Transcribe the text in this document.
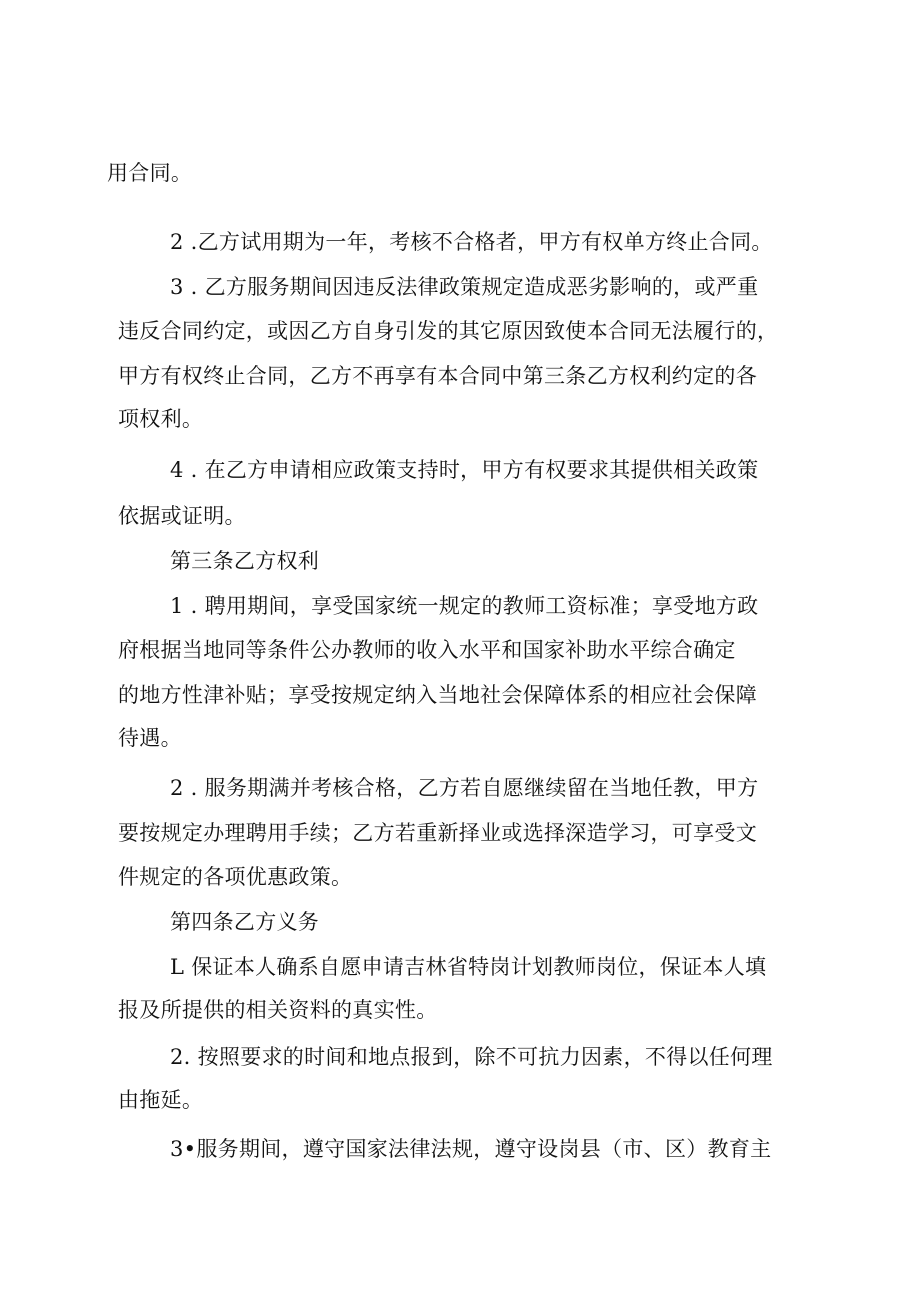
用合同。
2 .乙方试用期为一年，考核不合格者，甲方有权单方终止合同。
3 . 乙方服务期间因违反法律政策规定造成恶劣影响的，或严重
违反合同约定，或因乙方自身引发的其它原因致使本合同无法履行的，
甲方有权终止合同，乙方不再享有本合同中第三条乙方权利约定的各
项权利。
4 . 在乙方申请相应政策支持时，甲方有权要求其提供相关政策
依据或证明。
第三条乙方权利
1 . 聘用期间，享受国家统一规定的教师工资标准；享受地方政
府根据当地同等条件公办教师的收入水平和国家补助水平综合确定
的地方性津补贴；享受按规定纳入当地社会保障体系的相应社会保障
待遇。
2 . 服务期满并考核合格，乙方若自愿继续留在当地任教，甲方
要按规定办理聘用手续；乙方若重新择业或选择深造学习，可享受文
件规定的各项优惠政策。
第四条乙方义务
L 保证本人确系自愿申请吉林省特岗计划教师岗位，保证本人填
报及所提供的相关资料的真实性。
2. 按照要求的时间和地点报到，除不可抗力因素，不得以任何理
由拖延。
3•服务期间，遵守国家法律法规，遵守设岗县（市、区）教育主
